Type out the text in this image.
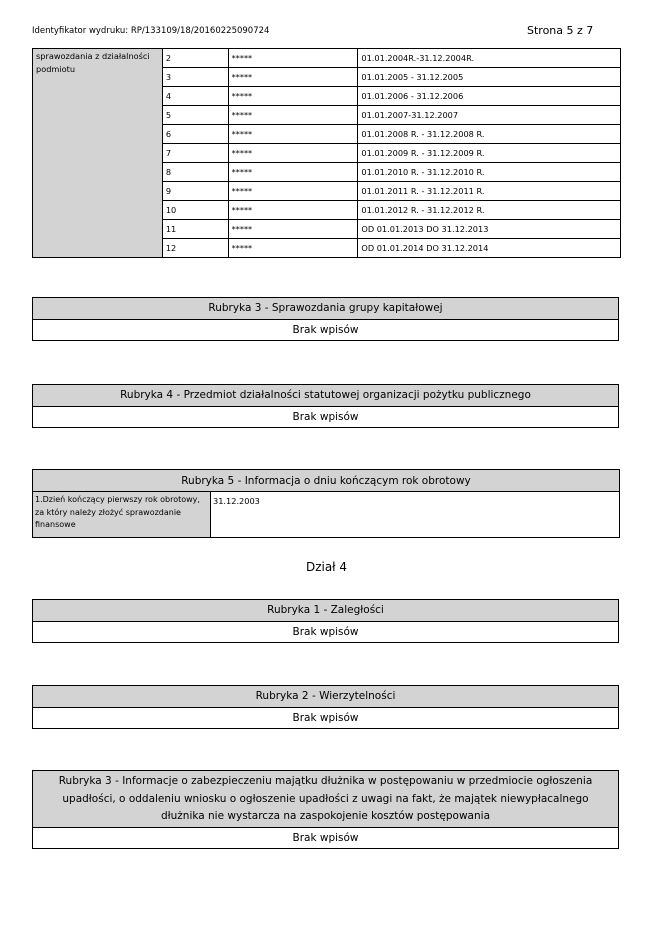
Identyfikator wydruku: RP/133109/18/20160225090724	Strona 5 z 7
sprawozdania z działalności podmiotu	2	*****	01.01.2004R.-31.12.2004R.
	3	*****	01.01.2005 - 31.12.2005
	4	*****	01.01.2006 - 31.12.2006
	5	*****	01.01.2007-31.12.2007
	6	*****	01.01.2008 R. - 31.12.2008 R.
	7	*****	01.01.2009 R. - 31.12.2009 R.
	8	*****	01.01.2010 R. - 31.12.2010 R.
	9	*****	01.01.2011 R. - 31.12.2011 R.
	10	*****	01.01.2012 R. - 31.12.2012 R.
	11	*****	OD 01.01.2013 DO 31.12.2013
	12	*****	OD 01.01.2014 DO 31.12.2014
Rubryka 3 - Sprawozdania grupy kapitałowej
Brak wpisów
Rubryka 4 - Przedmiot działalności statutowej organizacji pożytku publicznego
Brak wpisów
Rubryka 5 - Informacja o dniu kończącym rok obrotowy
1.Dzień kończący pierwszy rok obrotowy, za który należy złożyć sprawozdanie finansowe	31.12.2003
Dział 4
Rubryka 1 - Zaległości
Brak wpisów
Rubryka 2 - Wierzytelności
Brak wpisów
Rubryka 3 - Informacje o zabezpieczeniu majątku dłużnika w postępowaniu w przedmiocie ogłoszenia upadłości, o oddaleniu wniosku o ogłoszenie upadłości z uwagi na fakt, że majątek niewypłacalnego dłużnika nie wystarcza na zaspokojenie kosztów postępowania
Brak wpisów
